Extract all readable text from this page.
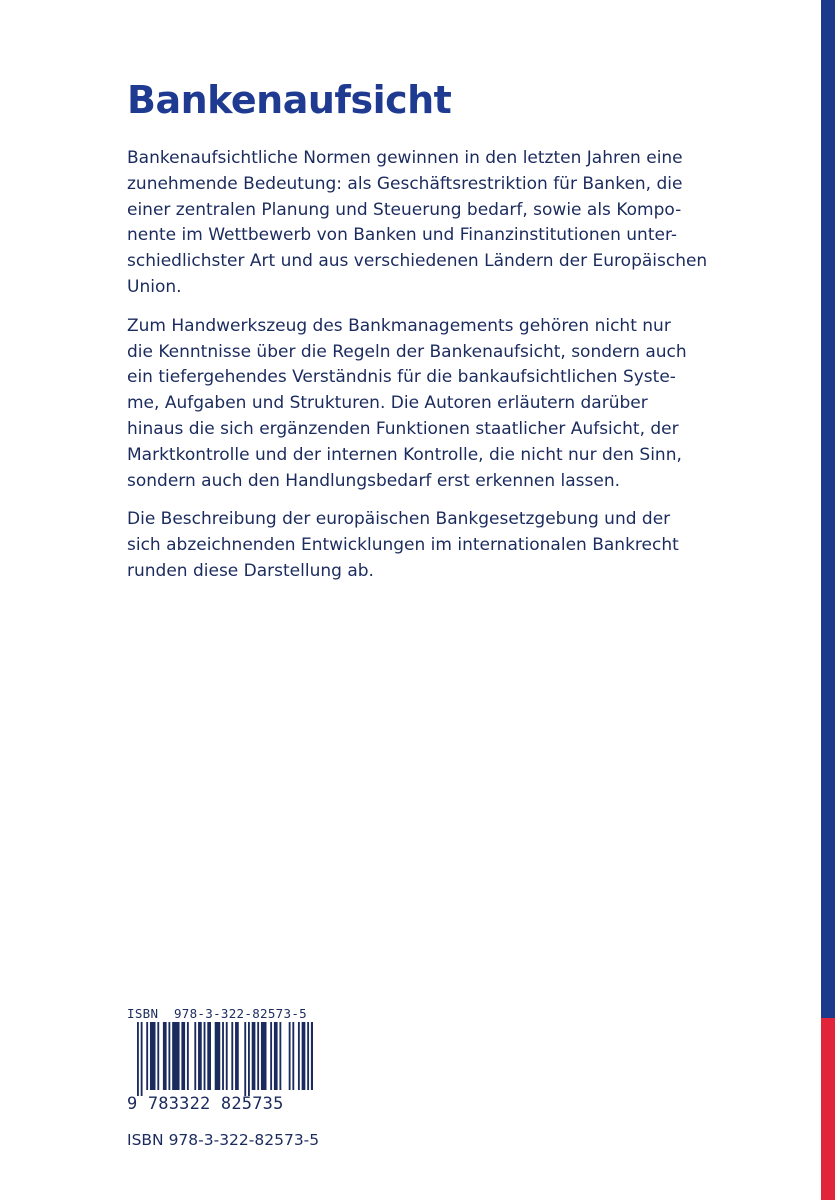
Bankenaufsicht

Bankenaufsichtliche Normen gewinnen in den letzten Jahren eine
zunehmende Bedeutung: als Geschäftsrestriktion für Banken, die
einer zentralen Planung und Steuerung bedarf, sowie als Kompo-
nente im Wettbewerb von Banken und Finanzinstitutionen unter-
schiedlichster Art und aus verschiedenen Ländern der Europäischen
Union.

Zum Handwerkszeug des Bankmanagements gehören nicht nur
die Kenntnisse über die Regeln der Bankenaufsicht, sondern auch
ein tiefergehendes Verständnis für die bankaufsichtlichen Syste-
me, Aufgaben und Strukturen. Die Autoren erläutern darüber
hinaus die sich ergänzenden Funktionen staatlicher Aufsicht, der
Marktkontrolle und der internen Kontrolle, die nicht nur den Sinn,
sondern auch den Handlungsbedarf erst erkennen lassen.

Die Beschreibung der europäischen Bankgesetzgebung und der
sich abzeichnenden Entwicklungen im internationalen Bankrecht
runden diese Darstellung ab.

ISBN  978-3-322-82573-5
9 783322 825735
ISBN 978-3-322-82573-5
